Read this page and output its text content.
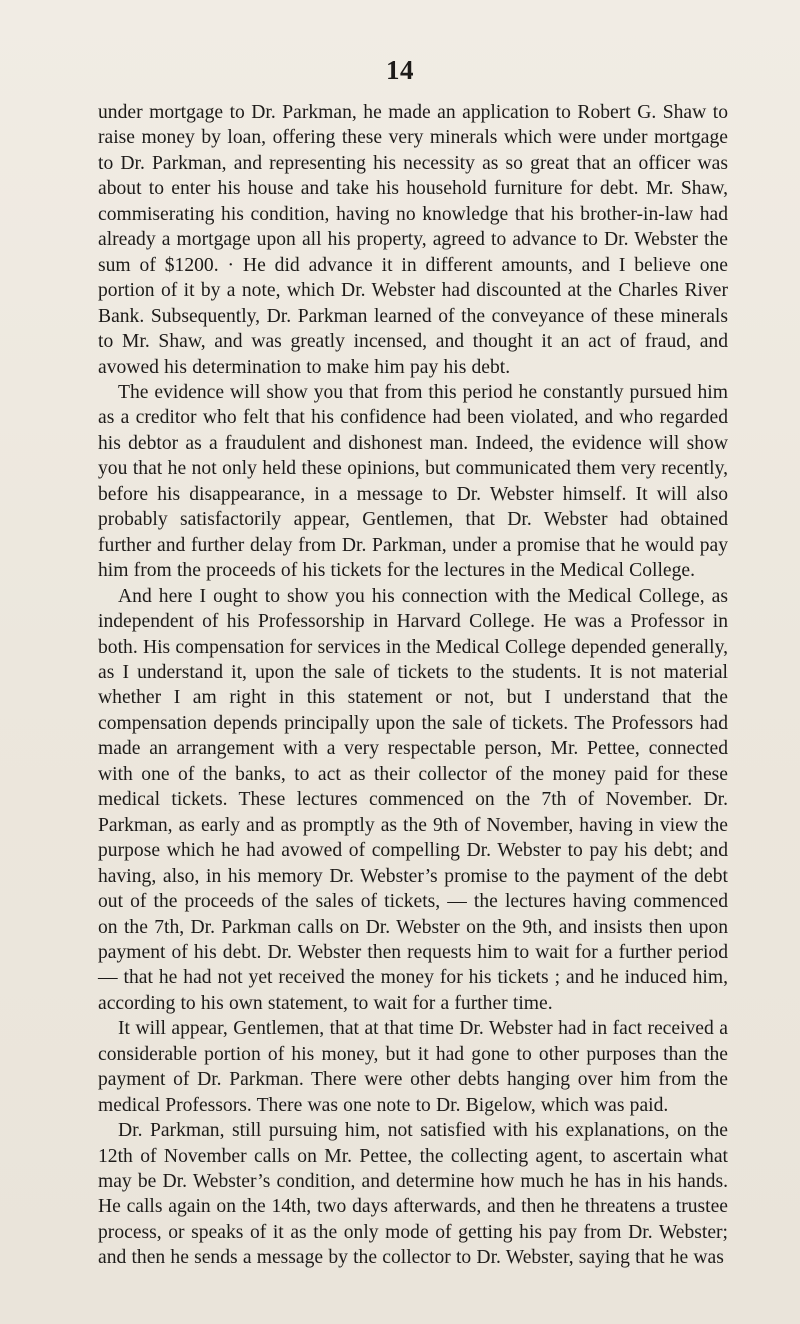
14

under mortgage to Dr. Parkman, he made an application to Robert G. Shaw to raise money by loan, offering these very minerals which were under mortgage to Dr. Parkman, and representing his necessity as so great that an officer was about to enter his house and take his household furniture for debt. Mr. Shaw, commiserating his condition, having no knowledge that his brother-in-law had already a mortgage upon all his property, agreed to advance to Dr. Webster the sum of $1200. · He did advance it in different amounts, and I believe one portion of it by a note, which Dr. Webster had discounted at the Charles River Bank. Subsequently, Dr. Parkman learned of the conveyance of these minerals to Mr. Shaw, and was greatly incensed, and thought it an act of fraud, and avowed his determination to make him pay his debt.

The evidence will show you that from this period he constantly pursued him as a creditor who felt that his confidence had been violated, and who regarded his debtor as a fraudulent and dishonest man. Indeed, the evidence will show you that he not only held these opinions, but communicated them very recently, before his disappearance, in a message to Dr. Webster himself. It will also probably satisfactorily appear, Gentlemen, that Dr. Webster had obtained further and further delay from Dr. Parkman, under a promise that he would pay him from the proceeds of his tickets for the lectures in the Medical College.

And here I ought to show you his connection with the Medical College, as independent of his Professorship in Harvard College. He was a Professor in both. His compensation for services in the Medical College depended generally, as I understand it, upon the sale of tickets to the students. It is not material whether I am right in this statement or not, but I understand that the compensation depends principally upon the sale of tickets. The Professors had made an arrangement with a very respectable person, Mr. Pettee, connected with one of the banks, to act as their collector of the money paid for these medical tickets. These lectures commenced on the 7th of November. Dr. Parkman, as early and as promptly as the 9th of November, having in view the purpose which he had avowed of compelling Dr. Webster to pay his debt; and having, also, in his memory Dr. Webster’s promise to the payment of the debt out of the proceeds of the sales of tickets, — the lectures having commenced on the 7th, Dr. Parkman calls on Dr. Webster on the 9th, and insists then upon payment of his debt. Dr. Webster then requests him to wait for a further period — that he had not yet received the money for his tickets ; and he induced him, according to his own statement, to wait for a further time.

It will appear, Gentlemen, that at that time Dr. Webster had in fact received a considerable portion of his money, but it had gone to other purposes than the payment of Dr. Parkman. There were other debts hanging over him from the medical Professors. There was one note to Dr. Bigelow, which was paid.

Dr. Parkman, still pursuing him, not satisfied with his explanations, on the 12th of November calls on Mr. Pettee, the collecting agent, to ascertain what may be Dr. Webster’s condition, and determine how much he has in his hands. He calls again on the 14th, two days afterwards, and then he threatens a trustee process, or speaks of it as the only mode of getting his pay from Dr. Webster; and then he sends a message by the collector to Dr. Webster, saying that he was
